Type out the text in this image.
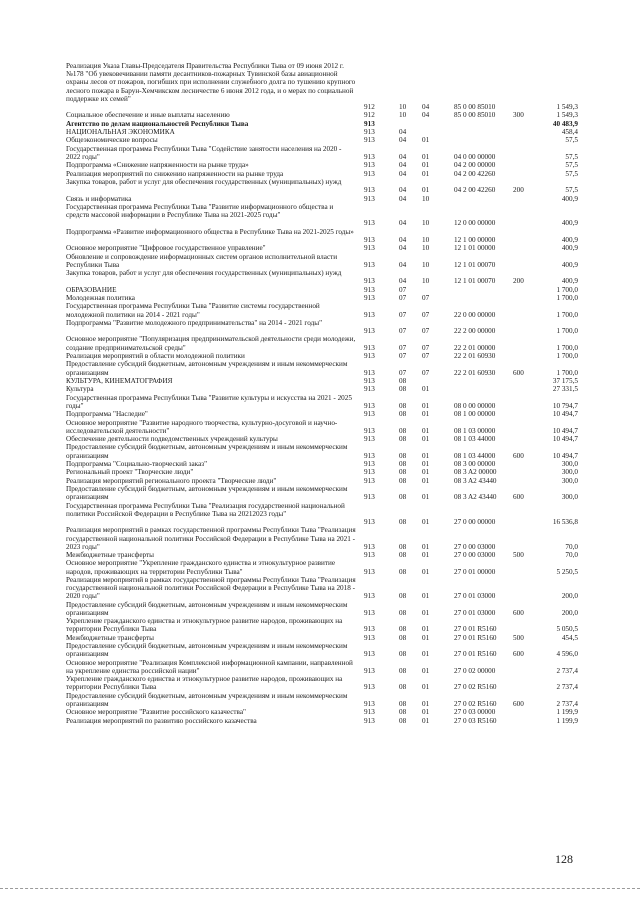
Реализация Указа Главы-Председателя Правительства Республики Тыва от 09 июня 2012 г. №178 "Об увековечивании памяти десантников-пожарных Тувинской базы авиационной охраны лесов от пожаров, погибших при исполнении служебного долга по тушению крупного лесного пожара в Барун-Хемчикском лесничестве 6 июня 2012 года, и о мерах по социальной поддержке их семей"
912	10 04	85 0 00 85010	1 549,3
Социальное обеспечение и иные выплаты населению	912	10 04	85 0 00 85010 300	1 549,3
Агентство по делам национальностей Республики Тыва	913	40 483,9
НАЦИОНАЛЬНАЯ ЭКОНОМИКА	913	04	458,4
Общеэкономические вопросы	913	04 01	57,5
Государственная программа Республики Тыва "Содействие занятости населения на 2020 - 2022 годы"	913	04 01	04 0 00 00000	57,5
Подпрограмма «Снижение напряженности на рынке труда»	913	04 01	04 2 00 00000	57,5
Реализация мероприятий по снижению напряженности на рынке труда	913	04 01	04 2 00 42260	57,5
Закупка товаров, работ и услуг для обеспечения государственных (муниципальных) нужд
913	04 01	04 2 00 42260 200	57,5
Связь и информатика	913	04 10	400,9
Государственная программа Республики Тыва "Развитие информационного общества и средств массовой информации в Республике Тыва на 2021-2025 годы"
913	04 10	12 0 00 00000	400,9
Подпрограмма «Развитие информационного общества в Республике Тыва на 2021-2025 годы»
913	04 10	12 1 00 00000	400,9
Основное мероприятие "Цифровое государственное управление"	913	04 10	12 1 01 00000	400,9
Обновление и сопровождение информационных систем органов исполнительной власти Республики Тыва	913	04 10	12 1 01 00070	400,9
Закупка товаров, работ и услуг для обеспечения государственных (муниципальных) нужд
913	04 10	12 1 01 00070 200	400,9
ОБРАЗОВАНИЕ	913	07	1 700,0
Молодежная политика	913	07 07	1 700,0
Государственная программа Республики Тыва "Развитие системы государственной молодежной политики на 2014 - 2021 годы"	913	07 07	22 0 00 00000	1 700,0
Подпрограмма "Развитие молодежного предпринимательства" на 2014 - 2021 годы"
913	07 07	22 2 00 00000	1 700,0
Основное мероприятие "Популяризация предпринимательской деятельности среди молодежи, создание предпринимательской среды"	913	07 07	22 2 01 00000	1 700,0
Реализация мероприятий в области молодежной политики	913	07 07	22 2 01 60930	1 700,0
Предоставление субсидий бюджетным, автономным учреждениям и иным некоммерческим организациям	913	07 07	22 2 01 60930 600	1 700,0
КУЛЬТУРА, КИНЕМАТОГРАФИЯ	913	08	37 175,5
Культура	913	08 01	27 331,5
Государственная программа Республики Тыва "Развитие культуры и искусства на 2021 - 2025 годы"	913	08 01	08 0 00 00000	10 794,7
Подпрограмма "Наследие"	913	08 01	08 1 00 00000	10 494,7
Основное мероприятие "Развитие народного творчества, культурно-досуговой и научно-исследовательской деятельности"	913	08 01	08 1 03 00000	10 494,7
Обеспечение деятельности подведомственных учреждений культуры	913	08 01	08 1 03 44000	10 494,7
Предоставление субсидий бюджетным, автономным учреждениям и иным некоммерческим организациям	913	08 01	08 1 03 44000 600	10 494,7
Подпрограмма "Социально-творческий заказ"	913	08 01	08 3 00 00000	300,0
Региональный проект "Творческие люди"	913	08 01	08 3 A2 00000	300,0
Реализация мероприятий регионального проекта "Творческие люди"	913	08 01	08 3 A2 43440	300,0
Предоставление субсидий бюджетным, автономным учреждениям и иным некоммерческим организациям	913	08 01	08 3 A2 43440 600	300,0
Государственная программа Республики Тыва "Реализация государственной национальной политики Российской Федерации в Республике Тыва на 20212023 годы"
913	08 01	27 0 00 00000	16 536,8
Реализация мероприятий в рамках государственной программы Республики Тыва "Реализация государственной национальной политики Российской Федерации в Республике Тыва на 2021 - 2023 годы"	913	08 01	27 0 00 03000	70,0
Межбюджетные трансферты	913	08 01	27 0 00 03000 500	70,0
Основное мероприятие "Укрепление гражданского единства и этнокультурное развитие народов, проживающих на территории Республики Тыва"	913	08 01	27 0 01 00000	5 250,5
Реализация мероприятий в рамках государственной программы Республики Тыва "Реализация государственной национальной политики Российской Федерации в Республике Тыва на 2018 - 2020 годы"	913	08 01	27 0 01 03000	200,0
Предоставление субсидий бюджетным, автономным учреждениям и иным некоммерческим организациям	913	08 01	27 0 01 03000 600	200,0
Укрепление гражданского единства и этнокультурное развитие народов, проживающих на территории Республики Тыва	913	08 01	27 0 01 R5160	5 050,5
Межбюджетные трансферты	913	08 01	27 0 01 R5160 500	454,5
Предоставление субсидий бюджетным, автономным учреждениям и иным некоммерческим организациям	913	08 01	27 0 01 R5160 600	4 596,0
Основное мероприятие "Реализация Комплексной информационной кампании, направленной на укрепление единства российской нации"	913	08 01	27 0 02 00000	2 737,4
Укрепление гражданского единства и этнокультурное развитие народов, проживающих на территории Республики Тыва	913	08 01	27 0 02 R5160	2 737,4
Предоставление субсидий бюджетным, автономным учреждениям и иным некоммерческим организациям	913	08 01	27 0 02 R5160 600	2 737,4
Основное мероприятие "Развитие российского казачества"	913	08 01	27 0 03 00000	1 199,9
Реализация мероприятий по развитию российского казачества	913	08 01	27 0 03 R5160	1 199,9
128
